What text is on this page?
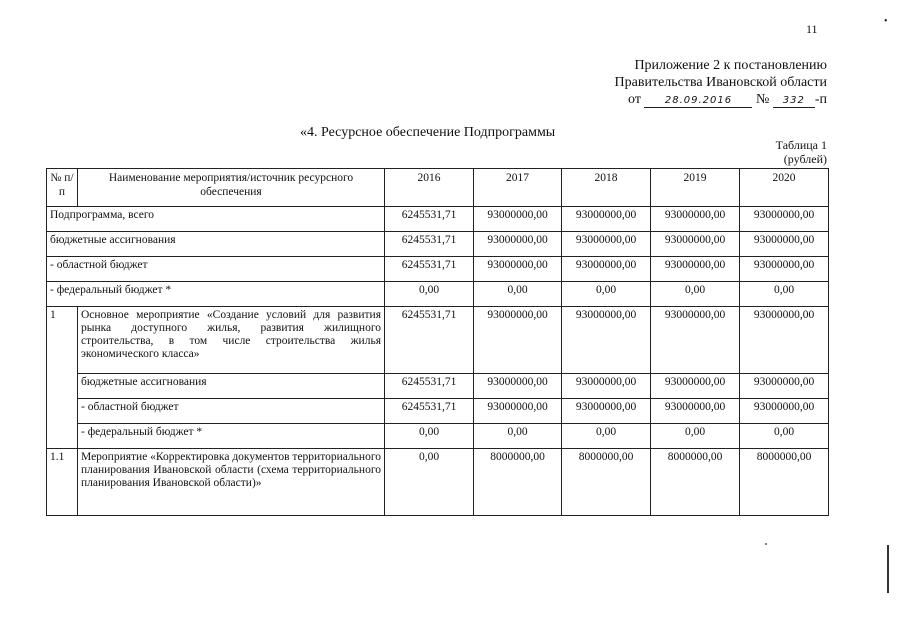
11
•
Приложение 2 к постановлению
Правительства Ивановской области
от 28.09.2016 № 332 -п
«4. Ресурсное обеспечение Подпрограммы
Таблица 1
(рублей)
№ п/п	Наименование мероприятия/источник ресурсного обеспечения	2016	2017	2018	2019	2020
Подпрограмма, всего		6245531,71	93000000,00	93000000,00	93000000,00	93000000,00
бюджетные ассигнования		6245531,71	93000000,00	93000000,00	93000000,00	93000000,00
- областной бюджет		6245531,71	93000000,00	93000000,00	93000000,00	93000000,00
- федеральный бюджет *		0,00	0,00	0,00	0,00	0,00
1	Основное мероприятие «Создание условий для развития рынка доступного жилья, развития жилищного строительства, в том числе строительства жилья экономического класса»	6245531,71	93000000,00	93000000,00	93000000,00	93000000,00
	бюджетные ассигнования	6245531,71	93000000,00	93000000,00	93000000,00	93000000,00
	- областной бюджет	6245531,71	93000000,00	93000000,00	93000000,00	93000000,00
	- федеральный бюджет *	0,00	0,00	0,00	0,00	0,00
1.1	Мероприятие «Корректировка документов территориального планирования Ивановской области (схема территориального планирования Ивановской области)»	0,00	8000000,00	8000000,00	8000000,00	8000000,00
